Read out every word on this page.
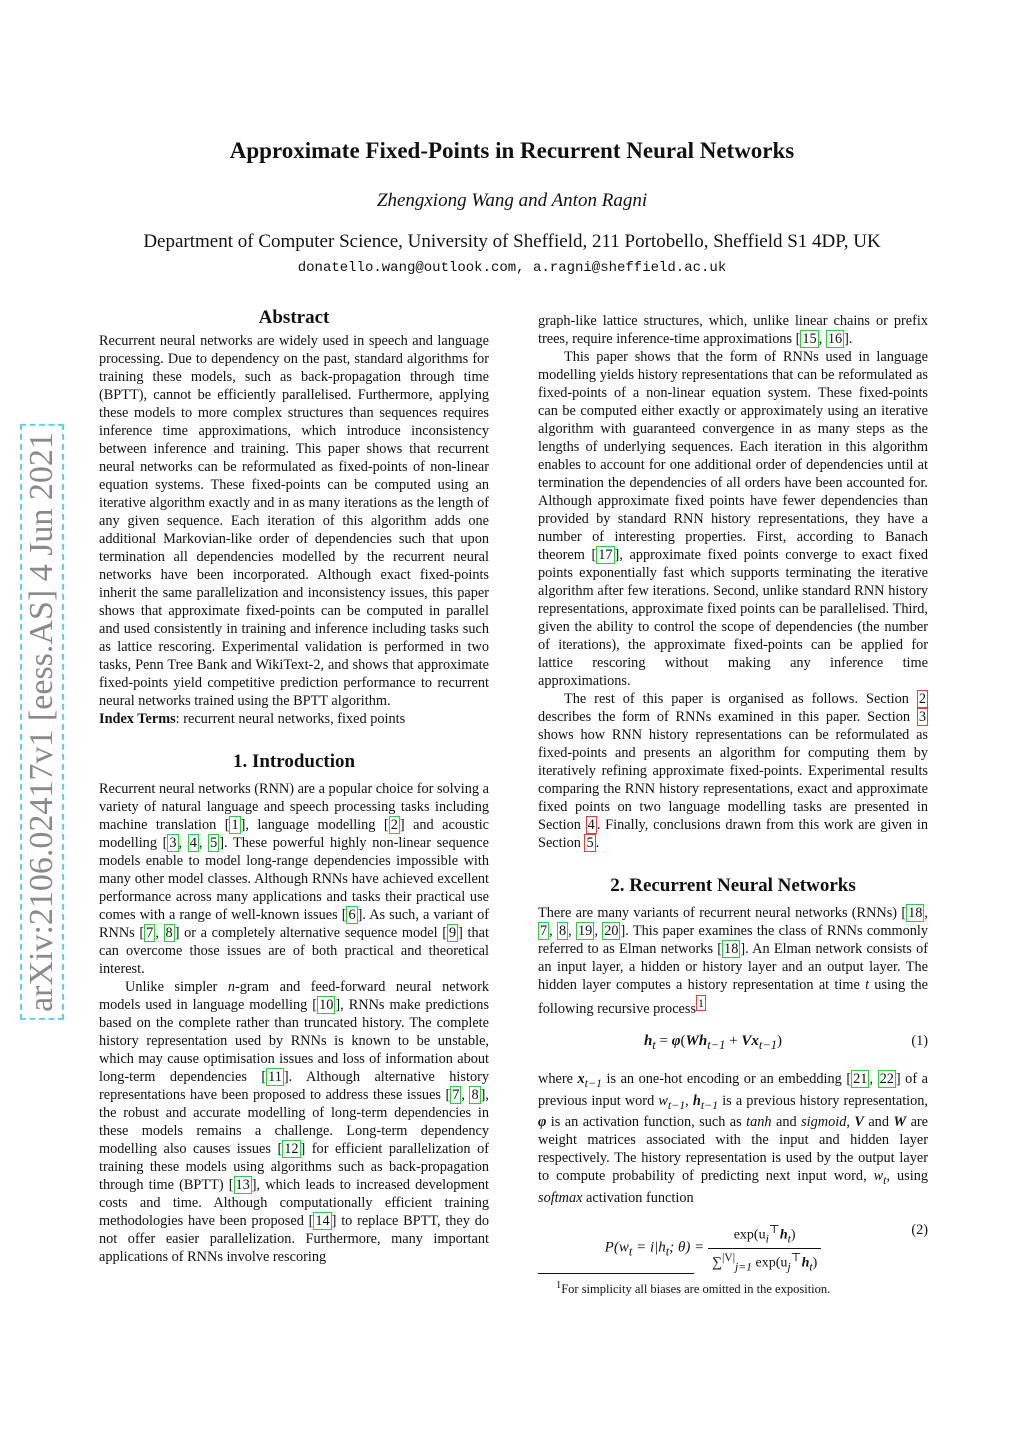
Approximate Fixed-Points in Recurrent Neural Networks
Zhengxiong Wang and Anton Ragni
Department of Computer Science, University of Sheffield, 211 Portobello, Sheffield S1 4DP, UK
donatello.wang@outlook.com, a.ragni@sheffield.ac.uk
arXiv:2106.02417v1 [eess.AS] 4 Jun 2021
Abstract

Recurrent neural networks are widely used in speech and language processing. Due to dependency on the past, standard algorithms for training these models, such as back-propagation through time (BPTT), cannot be efficiently parallelised. Furthermore, applying these models to more complex structures than sequences requires inference time approximations, which introduce inconsistency between inference and training. This paper shows that recurrent neural networks can be reformulated as fixed-points of non-linear equation systems. These fixed-points can be computed using an iterative algorithm exactly and in as many iterations as the length of any given sequence. Each iteration of this algorithm adds one additional Markovian-like order of dependencies such that upon termination all dependencies modelled by the recurrent neural networks have been incorporated. Although exact fixed-points inherit the same parallelization and inconsistency issues, this paper shows that approximate fixed-points can be computed in parallel and used consistently in training and inference including tasks such as lattice rescoring. Experimental validation is performed in two tasks, Penn Tree Bank and WikiText-2, and shows that approximate fixed-points yield competitive prediction performance to recurrent neural networks trained using the BPTT algorithm.

Index Terms: recurrent neural networks, fixed points

1. Introduction

Recurrent neural networks (RNN) are a popular choice for solving a variety of natural language and speech processing tasks including machine translation [ 1 ], language modelling [ 2 ] and acoustic modelling [ 3 , 4 , 5 ]. These powerful highly non-linear sequence models enable to model long-range dependencies impossible with many other model classes. Although RNNs have achieved excellent performance across many applications and tasks their practical use comes with a range of well-known issues [ 6 ]. As such, a variant of RNNs [ 7 , 8 ] or a completely alternative sequence model [ 9 ] that can overcome those issues are of both practical and theoretical interest.

Unlike simpler n-gram and feed-forward neural network models used in language modelling [ 10 ], RNNs make predictions based on the complete rather than truncated history. The complete history representation used by RNNs is known to be unstable, which may cause optimisation issues and loss of information about long-term dependencies [ 11 ]. Although alternative history representations have been proposed to address these issues [ 7 , 8 ], the robust and accurate modelling of long-term dependencies in these models remains a challenge. Long-term dependency modelling also causes issues [ 12 ] for efficient parallelization of training these models using algorithms such as back-propagation through time (BPTT) [ 13 ], which leads to increased development costs and time. Although computationally efficient training methodologies have been proposed [ 14 ] to replace BPTT, they do not offer easier parallelization. Furthermore, many important applications of RNNs involve rescoring

graph-like lattice structures, which, unlike linear chains or prefix trees, require inference-time approximations [ 15 , 16 ].

This paper shows that the form of RNNs used in language modelling yields history representations that can be reformulated as fixed-points of a non-linear equation system. These fixed-points can be computed either exactly or approximately using an iterative algorithm with guaranteed convergence in as many steps as the lengths of underlying sequences. Each iteration in this algorithm enables to account for one additional order of dependencies until at termination the dependencies of all orders have been accounted for. Although approximate fixed points have fewer dependencies than provided by standard RNN history representations, they have a number of interesting properties. First, according to Banach theorem [ 17 ], approximate fixed points converge to exact fixed points exponentially fast which supports terminating the iterative algorithm after few iterations. Second, unlike standard RNN history representations, approximate fixed points can be parallelised. Third, given the ability to control the scope of dependencies (the number of iterations), the approximate fixed-points can be applied for lattice rescoring without making any inference time approximations.

The rest of this paper is organised as follows. Section 2 describes the form of RNNs examined in this paper. Section 3 shows how RNN history representations can be reformulated as fixed-points and presents an algorithm for computing them by iteratively refining approximate fixed-points. Experimental results comparing the RNN history representations, exact and approximate fixed points on two language modelling tasks are presented in Section 4 . Finally, conclusions drawn from this work are given in Section 5 .

2. Recurrent Neural Networks

There are many variants of recurrent neural networks (RNNs) [ 18 , 7 , 8 , 19 , 20 ]. This paper examines the class of RNNs commonly referred to as Elman networks [ 18 ]. An Elman network consists of an input layer, a hidden or history layer and an output layer. The hidden layer computes a history representation at time t using the following recursive process $^1$

$h_t = \varphi(Wh_{t-1} + Vx_{t-1})$	(1)

where $x_{t-1}$ is an one-hot encoding or an embedding [ 21 , 22 ] of a previous input word $w_{t-1}$, $h_{t-1}$ is a previous history representation, φ is an activation function, such as tanh and sigmoid, V and W are weight matrices associated with the input and hidden layer respectively. The history representation is used by the output layer to compute probability of predicting next input word, $w_t$, using softmax activation function

$P(w_t = i|h_t$; $\theta) = \frac{\exp(u_i^⊤h_t)}{\sum^{|V|}_{j=1} \exp(u_j^⊤h_t)}$	(2)
$^1$For simplicity all biases are omitted in the exposition.
